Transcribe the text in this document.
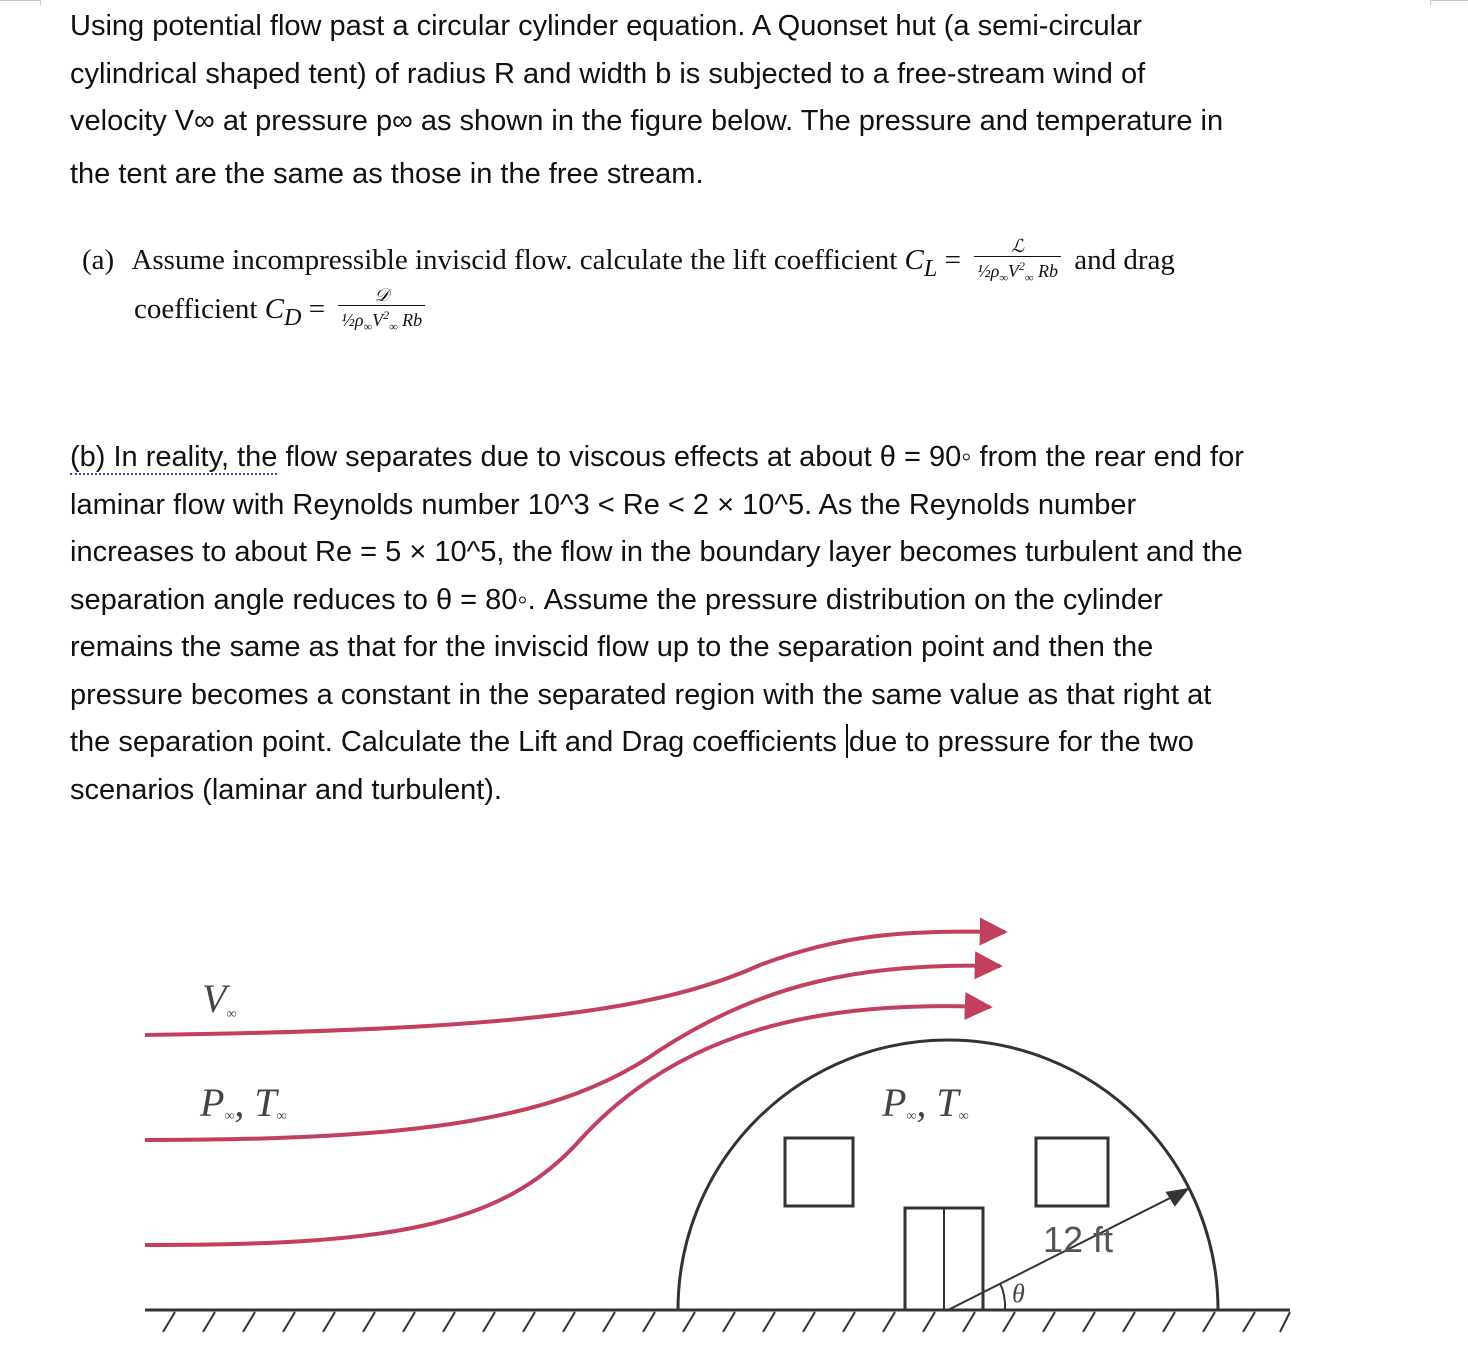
Using potential flow past a circular cylinder equation. A Quonset hut (a semi-circular
cylindrical shaped tent) of radius R and width b is subjected to a free-stream wind of
velocity V∞ at pressure p∞ as shown in the figure below. The pressure and temperature in
the tent are the same as those in the free stream.
(a) Assume incompressible inviscid flow. calculate the lift coefficient $C_L = \frac{\text{ℒ}}{\frac{1}{2}\rho_\infty V^2_\infty Rb}$ and drag
coefficient $C_D = \frac{\text{𝒟}}{\frac{1}{2}\rho_\infty V^2_\infty Rb}$
(b) In reality, the flow separates due to viscous effects at about θ = 90◦ from the rear end for
laminar flow with Reynolds number 10^3 < Re < 2 × 10^5. As the Reynolds number
increases to about Re = 5 × 10^5, the flow in the boundary layer becomes turbulent and the
separation angle reduces to θ = 80◦. Assume the pressure distribution on the cylinder
remains the same as that for the inviscid flow up to the separation point and then the
pressure becomes a constant in the separated region with the same value as that right at
the separation point. Calculate the Lift and Drag coefficients due to pressure for the two
scenarios (laminar and turbulent).
V∞
P∞, T∞	P∞, T∞
12 ft
θ
